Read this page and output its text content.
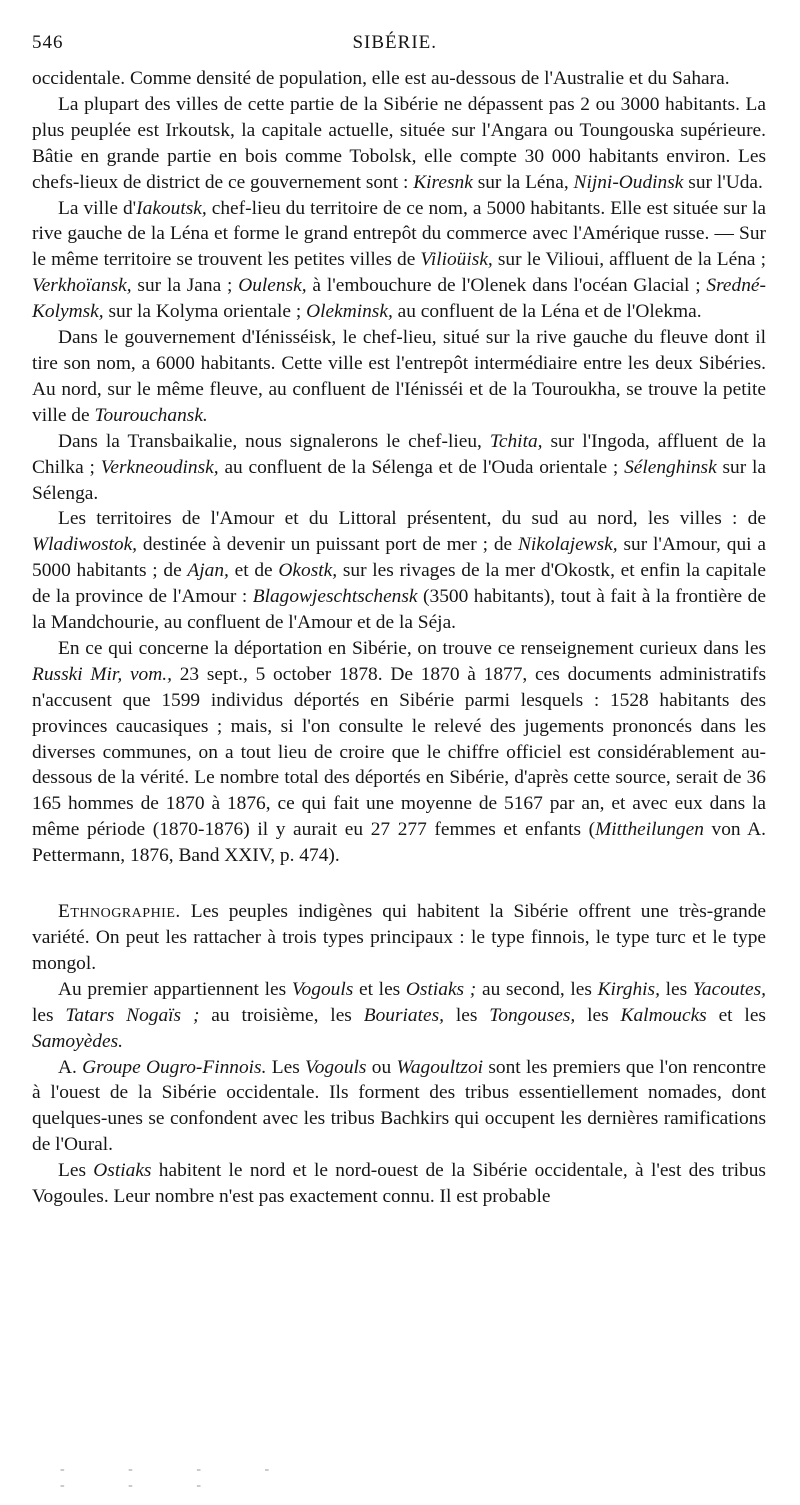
546	SIBÉRIE.

occidentale. Comme densité de population, elle est au-dessous de l'Australie et du Sahara.

La plupart des villes de cette partie de la Sibérie ne dépassent pas 2 ou 3000 habitants. La plus peuplée est Irkoutsk, la capitale actuelle, située sur l'Angara ou Toungouska supérieure. Bâtie en grande partie en bois comme Tobolsk, elle compte 30 000 habitants environ. Les chefs-lieux de district de ce gouvernement sont : Kiresnk sur la Léna, Nijni-Oudinsk sur l'Uda.

La ville d'Iakoutsk, chef-lieu du territoire de ce nom, a 5000 habitants. Elle est située sur la rive gauche de la Léna et forme le grand entrepôt du commerce avec l'Amérique russe. — Sur le même territoire se trouvent les petites villes de Vilioüisk, sur le Vilioui, affluent de la Léna ; Verkhoïansk, sur la Jana ; Oulensk, à l'embouchure de l'Olenek dans l'océan Glacial ; Sredné-Kolymsk, sur la Kolyma orientale ; Olekminsk, au confluent de la Léna et de l'Olekma.

Dans le gouvernement d'Iénisséisk, le chef-lieu, situé sur la rive gauche du fleuve dont il tire son nom, a 6000 habitants. Cette ville est l'entrepôt intermédiaire entre les deux Sibéries. Au nord, sur le même fleuve, au confluent de l'Iénisséi et de la Touroukha, se trouve la petite ville de Tourouchansk.

Dans la Transbaikalie, nous signalerons le chef-lieu, Tchita, sur l'Ingoda, affluent de la Chilka ; Verkneoudinsk, au confluent de la Sélenga et de l'Ouda orientale ; Sélenghinsk sur la Sélenga.

Les territoires de l'Amour et du Littoral présentent, du sud au nord, les villes : de Wladiwostok, destinée à devenir un puissant port de mer ; de Nikolajewsk, sur l'Amour, qui a 5000 habitants ; de Ajan, et de Okostk, sur les rivages de la mer d'Okostk, et enfin la capitale de la province de l'Amour : Blagowjeschtschensk (3500 habitants), tout à fait à la frontière de la Mandchourie, au confluent de l'Amour et de la Séja.

En ce qui concerne la déportation en Sibérie, on trouve ce renseignement curieux dans les Russki Mir, vom., 23 sept., 5 october 1878. De 1870 à 1877, ces documents administratifs n'accusent que 1599 individus déportés en Sibérie parmi lesquels : 1528 habitants des provinces caucasiques ; mais, si l'on consulte le relevé des jugements prononcés dans les diverses communes, on a tout lieu de croire que le chiffre officiel est considérablement au-dessous de la vérité. Le nombre total des déportés en Sibérie, d'après cette source, serait de 36 165 hommes de 1870 à 1876, ce qui fait une moyenne de 5167 par an, et avec eux dans la même période (1870-1876) il y aurait eu 27 277 femmes et enfants (Mittheilungen von A. Pettermann, 1876, Band XXIV, p. 474).

Ethnographie. Les peuples indigènes qui habitent la Sibérie offrent une très-grande variété. On peut les rattacher à trois types principaux : le type finnois, le type turc et le type mongol.

Au premier appartiennent les Vogouls et les Ostiaks ; au second, les Kirghis, les Yacoutes, les Tatars Nogaïs ; au troisième, les Bouriates, les Tongouses, les Kalmoucks et les Samoyèdes.

A. Groupe Ougro-Finnois. Les Vogouls ou Wagoultzoi sont les premiers que l'on rencontre à l'ouest de la Sibérie occidentale. Ils forment des tribus essentiellement nomades, dont quelques-unes se confondent avec les tribus Bachkirs qui occupent les dernières ramifications de l'Oural.

Les Ostiaks habitent le nord et le nord-ouest de la Sibérie occidentale, à l'est des tribus Vogoules. Leur nombre n'est pas exactement connu. Il est probable

- - - - - - -
